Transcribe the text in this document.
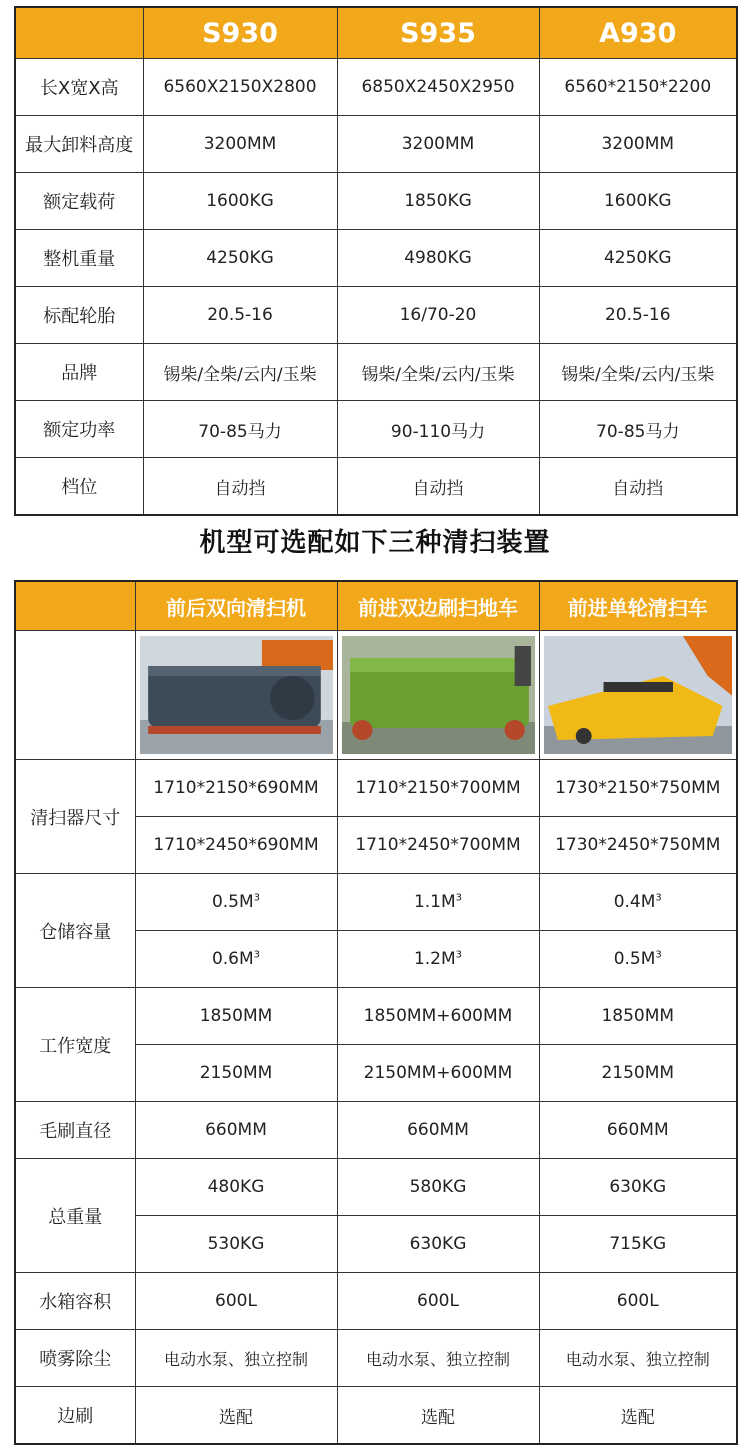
	S930	S935	A930
长X宽X高	6560X2150X2800	6850X2450X2950	6560*2150*2200
最大卸料高度	3200MM	3200MM	3200MM
额定载荷	1600KG	1850KG	1600KG
整机重量	4250KG	4980KG	4250KG
标配轮胎	20.5-16	16/70-20	20.5-16
品牌	锡柴/全柴/云内/玉柴	锡柴/全柴/云内/玉柴	锡柴/全柴/云内/玉柴
额定功率	70-85马力	90-110马力	70-85马力
档位	自动挡	自动挡	自动挡
机型可选配如下三种清扫装置
	前后双向清扫机	前进双边刷扫地车	前进单轮清扫车

清扫器尺寸	1710*2150*690MM	1710*2150*700MM	1730*2150*750MM
	1710*2450*690MM	1710*2450*700MM	1730*2450*750MM
仓储容量	$0.5M^3$	$1.1M^3$	$0.4M^3$
	$0.6M^3$	$1.2M^3$	$0.5M^3$
工作宽度	1850MM	1850MM+600MM	1850MM
	2150MM	2150MM+600MM	2150MM
毛刷直径	660MM	660MM	660MM
总重量	480KG	580KG	630KG
	530KG	630KG	715KG
水箱容积	600L	600L	600L
喷雾除尘	电动水泵、独立控制	电动水泵、独立控制	电动水泵、独立控制
边刷	选配	选配	选配
